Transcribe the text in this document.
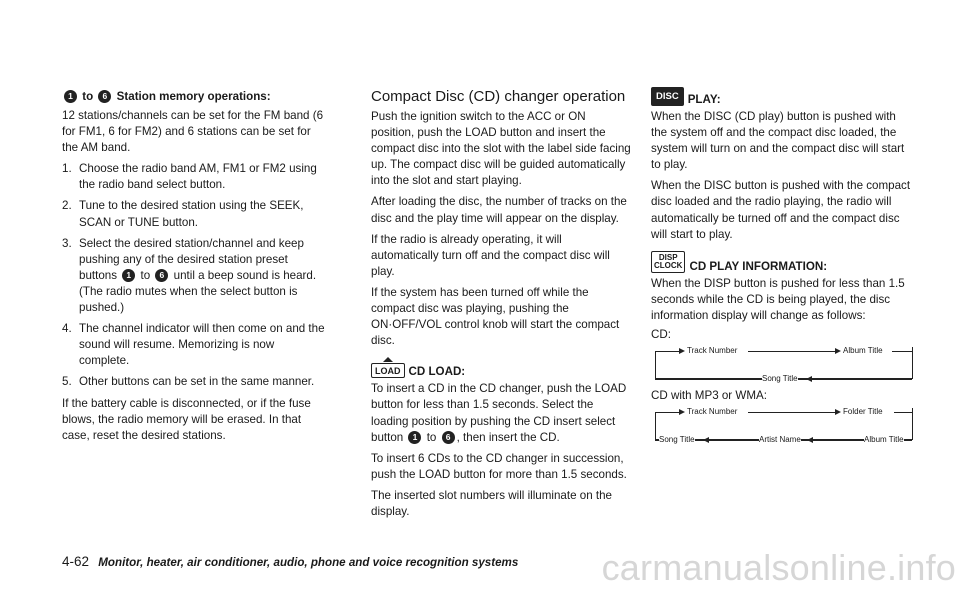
1 to 6 Station memory operations:

12 stations/channels can be set for the FM band (6 for FM1, 6 for FM2) and 6 stations can be set for the AM band.

1. Choose the radio band AM, FM1 or FM2 using the radio band select button.
2. Tune to the desired station using the SEEK, SCAN or TUNE button.
3. Select the desired station/channel and keep pushing any of the desired station preset buttons 1 to 6 until a beep sound is heard. (The radio mutes when the select button is pushed.)
4. The channel indicator will then come on and the sound will resume. Memorizing is now complete.
5. Other buttons can be set in the same manner.

If the battery cable is disconnected, or if the fuse blows, the radio memory will be erased. In that case, reset the desired stations.

Compact Disc (CD) changer operation

Push the ignition switch to the ACC or ON position, push the LOAD button and insert the compact disc into the slot with the label side facing up. The compact disc will be guided automatically into the slot and start playing.

After loading the disc, the number of tracks on the disc and the play time will appear on the display.

If the radio is already operating, it will automatically turn off and the compact disc will play.

If the system has been turned off while the compact disc was playing, pushing the ON·OFF/VOL control knob will start the compact disc.

LOAD CD LOAD:

To insert a CD in the CD changer, push the LOAD button for less than 1.5 seconds. Select the loading position by pushing the CD insert select button 1 to 6 , then insert the CD.

To insert 6 CDs to the CD changer in succession, push the LOAD button for more than 1.5 seconds.

The inserted slot numbers will illuminate on the display.

DISC PLAY:

When the DISC (CD play) button is pushed with the system off and the compact disc loaded, the system will turn on and the compact disc will start to play.

When the DISC button is pushed with the compact disc loaded and the radio playing, the radio will automatically be turned off and the compact disc will start to play.

DISP
CLOCK CD PLAY INFORMATION:

When the DISP button is pushed for less than 1.5 seconds while the CD is being played, the disc information display will change as follows:

CD:

Track Number	Album Title
Song Title

CD with MP3 or WMA:

Track Number	Folder Title
Song Title	Artist Name	Album Title
4-62 Monitor, heater, air conditioner, audio, phone and voice recognition systems carmanualsonline.info
